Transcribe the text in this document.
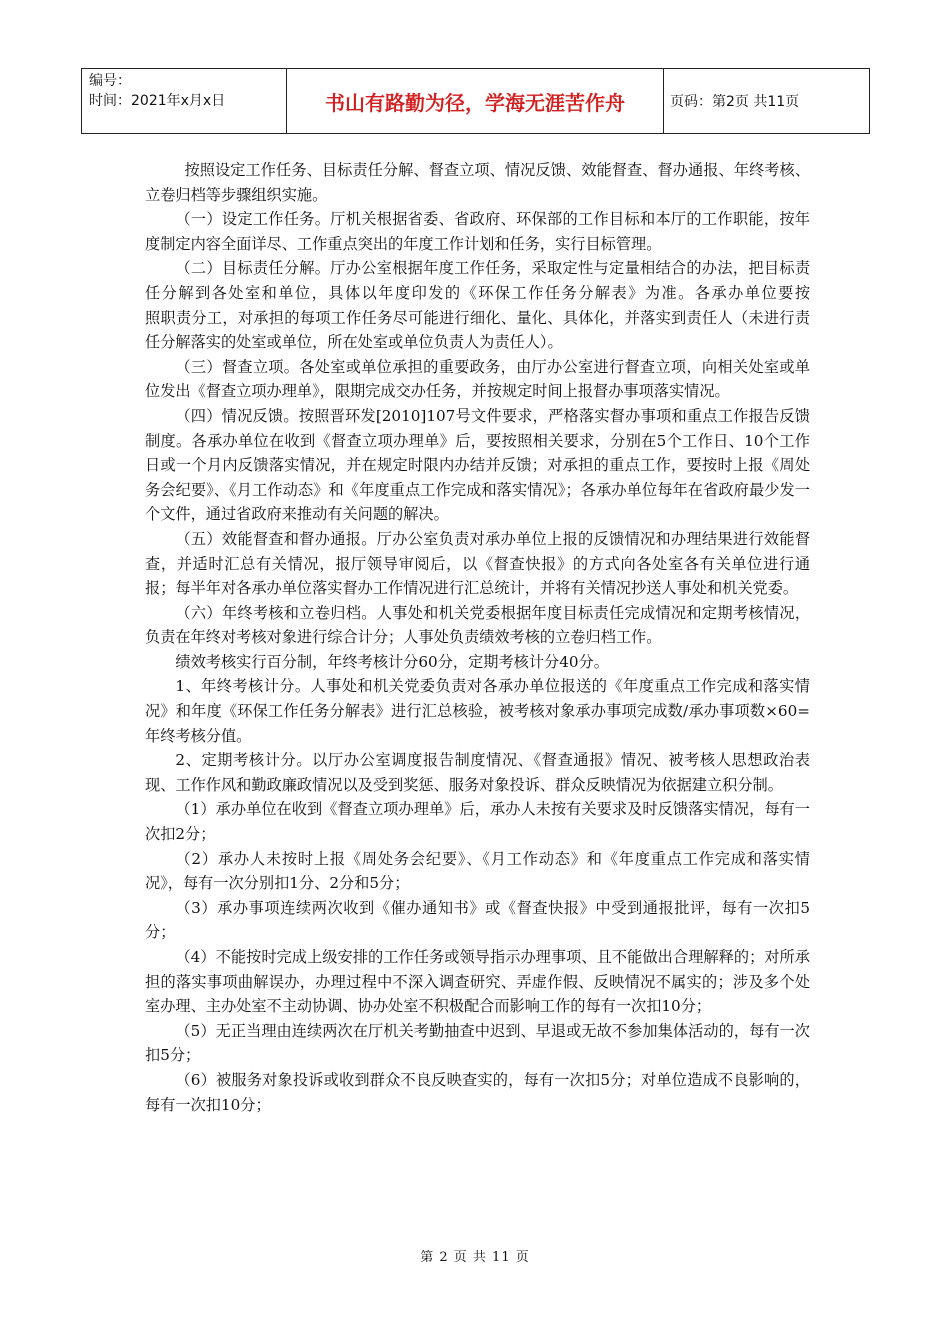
编号：
时间：2021年x月x日	书山有路勤为径，学海无涯苦作舟	页码：第2页 共11页

按照设定工作任务、目标责任分解、督查立项、情况反馈、效能督查、督办通报、年终考核、立卷归档等步骤组织实施。

（一）设定工作任务。厅机关根据省委、省政府、环保部的工作目标和本厅的工作职能，按年度制定内容全面详尽、工作重点突出的年度工作计划和任务，实行目标管理。

（二）目标责任分解。厅办公室根据年度工作任务，采取定性与定量相结合的办法，把目标责任分解到各处室和单位，具体以年度印发的《环保工作任务分解表》为准。各承办单位要按　　　　照职责分工，对承担的每项工作任务尽可能进行细化、量化、具体化，并落实到责任人（未进行责任分解落实的处室或单位，所在处室或单位负责人为责任人）。

（三）督查立项。各处室或单位承担的重要政务，由厅办公室进行督查立项，向相关处室或单位发出《督查立项办理单》，限期完成交办任务，并按规定时间上报督办事项落实情况。

（四）情况反馈。按照晋环发[2010]107号文件要求，严格落实督办事项和重点工作报告反馈制度。各承办单位在收到《督查立项办理单》后，要按照相关要求，分别在5个工作日、10个工作日或一个月内反馈落实情况，并在规定时限内办结并反馈；对承担的重点工作，要按时上报《周处务会纪要》、《月工作动态》和《年度重点工作完成和落实情况》；各承办单位每年在省政府最少发一个文件，通过省政府来推动有关问题的解决。

（五）效能督查和督办通报。厅办公室负责对承办单位上报的反馈情况和办理结果进行效能督查，并适时汇总有关情况，报厅领导审阅后，以《督查快报》的方式向各处室各有关单位进行通报；每半年对各承办单位落实督办工作情况进行汇总统计，并将有关情况抄送人事处和机关党委。

（六）年终考核和立卷归档。人事处和机关党委根据年度目标责任完成情况和定期考核情况，负责在年终对考核对象进行综合计分；人事处负责绩效考核的立卷归档工作。

绩效考核实行百分制，年终考核计分60分，定期考核计分40分。

1、年终考核计分。人事处和机关党委负责对各承办单位报送的《年度重点工作完成和落实情况》和年度《环保工作任务分解表》进行汇总核验，被考核对象承办事项完成数/承办事项数×60=年终考核分值。

2、定期考核计分。以厅办公室调度报告制度情况、《督查通报》情况、被考核人思想政治表现、工作作风和勤政廉政情况以及受到奖惩、服务对象投诉、群众反映情况为依据建立积分制。

（1）承办单位在收到《督查立项办理单》后，承办人未按有关要求及时反馈落实情况，每有一次扣2分；

（2）承办人未按时上报《周处务会纪要》、《月工作动态》和《年度重点工作完成和落实情况》，每有一次分别扣1分、2分和5分；

（3）承办事项连续两次收到《催办通知书》或《督查快报》中受到通报批评，每有一次扣5分；

（4）不能按时完成上级安排的工作任务或领导指示办理事项、且不能做出合理解释的；对所承担的落实事项曲解误办，办理过程中不深入调查研究、弄虚作假、反映情况不属实的；涉及多个处室办理、主办处室不主动协调、协办处室不积极配合而影响工作的每有一次扣10分；

（5）无正当理由连续两次在厅机关考勤抽查中迟到、早退或无故不参加集体活动的，每有一次扣5分；

（6）被服务对象投诉或收到群众不良反映查实的，每有一次扣5分；对单位造成不良影响的，每有一次扣10分；

第 2 页 共 11 页
